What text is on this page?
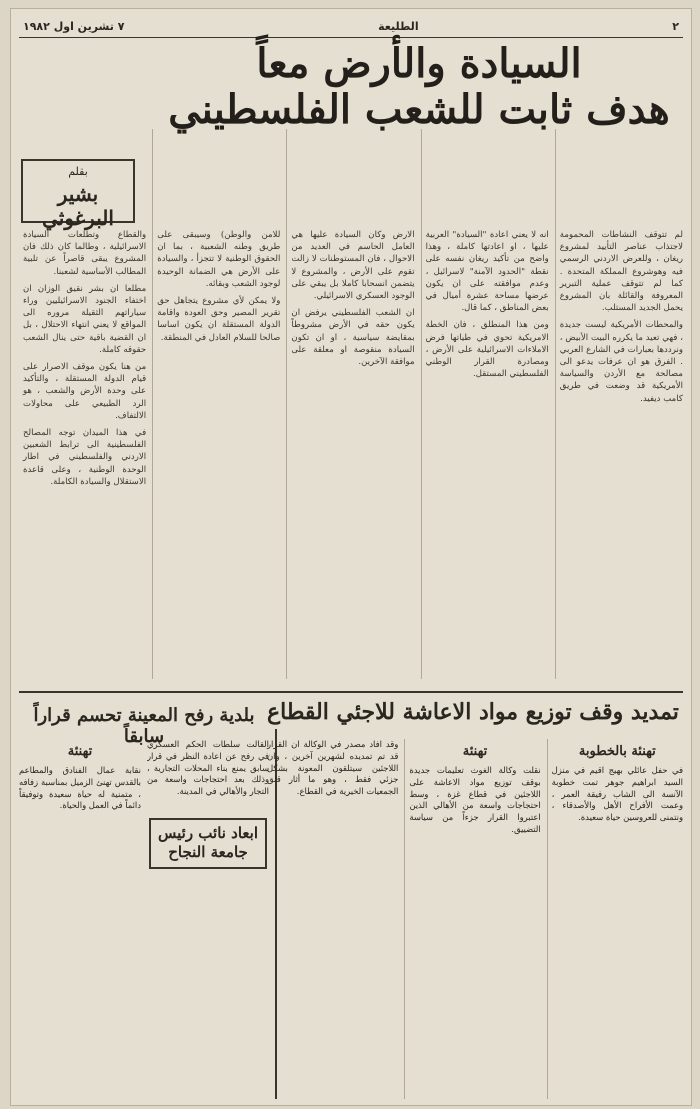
٢
الطليعة
٧ تشرين اول ١٩٨٢
السيادة والأرض معاً
هدف ثابت للشعب الفلسطيني
بقلم
بشير البرغوثي

لم تتوقف النشاطات المحمومة لاجتذاب عناصر التأييد لمشروع ريغان ، وللعرض الاردني الرسمي فيه وهوشروع المملكة المتحدة . كما لم تتوقف عملية التبرير المعروفة والقائلة بان المشروع يحمل الجديد المستلب.

والمحطات الأمريكية ليست جديدة ، فهي تعيد ما يكرره البيت الأبيض ، ونرددها بعبارات في الشارع العربي . الفرق هو ان عرفات يدعو الى مصالحة مع الأردن والسياسة الأمريكية قد وضعت في طريق كامب ديفيد.

انه لا يعني اعادة "السيادة" العربية عليها ، او اعادتها كاملة ، وهذا واضح من تأكيد ريغان نفسه على نقطة "الحدود الآمنة" لاسرائيل ، وعدم موافقته على ان يكون عرضها مساحة عشرة أميال في بعض المناطق ، كما قال.

ومن هذا المنطلق ، فان الخطة الامريكية تحوي في طياتها فرض الاملاءات الاسرائيلية على الأرض ، ومصادرة القرار الوطني الفلسطيني المستقل.

الارض وكان السيادة عليها هي العامل الحاسم في العديد من الاحوال ، فان المستوطنات لا زالت تقوم على الأرض ، والمشروع لا يتضمن انسحابا كاملا بل يبقي على الوجود العسكري الاسرائيلي.

ان الشعب الفلسطيني يرفض ان يكون حقه في الأرض مشروطاً بمقايضة سياسية ، او ان تكون السيادة منقوصة او معلقة على موافقة الآخرين.

للامن والوطن) وسيبقى على طريق وطنه الشعبية ، بما ان الحقوق الوطنية لا تتجزأ ، والسيادة على الأرض هي الضمانة الوحيدة لوجود الشعب وبقائه.

ولا يمكن لأي مشروع يتجاهل حق تقرير المصير وحق العودة واقامة الدولة المستقلة ان يكون اساسا صالحا للسلام العادل في المنطقة.

والقطاع وتطلعات السيادة الاسرائيلية ، وطالما كان ذلك فان المشروع يبقى قاصراً عن تلبية المطالب الأساسية لشعبنا.

مطلعا ان بشر نقيق الوزان ان اختفاء الجنود الاسرائيليين وراء سياراتهم الثقيلة مروره الى المواقع لا يعني انتهاء الاحتلال ، بل ان القضية باقية حتى ينال الشعب حقوقه كاملة.

من هنا يكون موقف الاصرار على قيام الدولة المستقلة ، والتأكيد على وحدة الأرض والشعب ، هو الرد الطبيعي على محاولات الالتفاف.

في هذا الميدان توجه المصالح الفلسطينية الى ترابط الشعبين الاردني والفلسطيني في اطار الوحدة الوطنية ، وعلى قاعدة الاستقلال والسيادة الكاملة.

تمديد وقف توزيع مواد الاعاشة للاجئي القطاع
بلدية رفح المعينة تحسم قراراً سابقاً
تهنئة بالخطوبة

في حفل عائلي بهيج اقيم في منزل السيد ابراهيم جوهر تمت خطوبة الآنسة الى الشاب رفيقة العمر ، وعمت الأفراح الأهل والأصدقاء ، ونتمنى للعروسين حياة سعيدة.

تهنئة

نقلت وكالة الغوث تعليمات جديدة بوقف توزيع مواد الاعاشة على اللاجئين في قطاع غزة ، وسط احتجاجات واسعة من الأهالي الذين اعتبروا القرار جزءاً من سياسة التضييق.

وقد افاد مصدر في الوكالة ان القرار قد تم تمديده لشهرين آخرين ، وان اللاجئين سيتلقون المعونة بشكل جزئي فقط ، وهو ما أثار قلق الجمعيات الخيرية في القطاع.

القالت سلطات الحكم العسكري في رفح عن اعادة النظر في قرار سابق يمنع بناء المحلات التجارية ، وذلك بعد احتجاجات واسعة من التجار والأهالي في المدينة.

ابعاد نائب رئيس جامعة النجاح
تهنئة

نقابة عمال الفنادق والمطاعم بالقدس تهنئ الزميل بمناسبة زفافه ، متمنية له حياة سعيدة وتوفيقاً دائماً في العمل والحياة.
